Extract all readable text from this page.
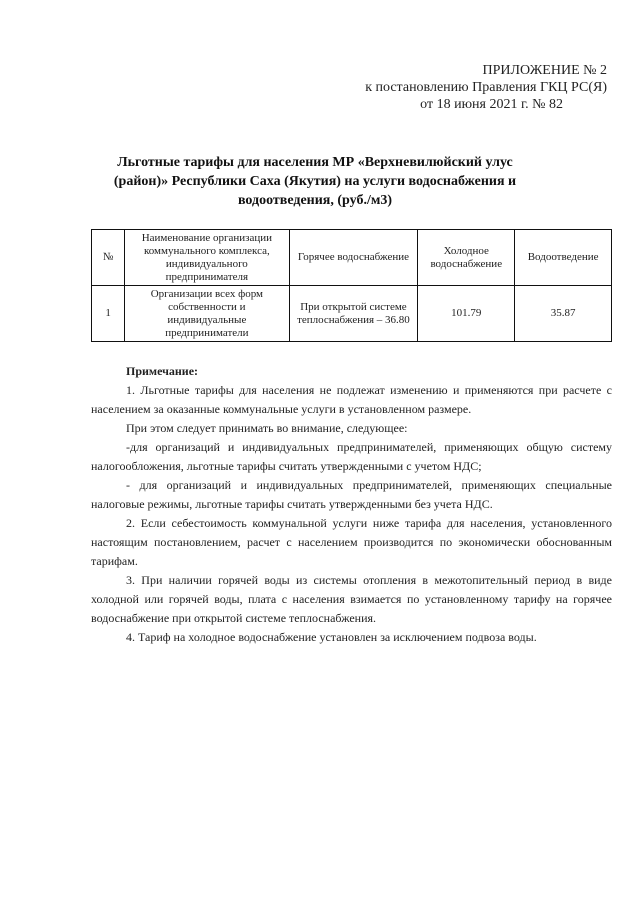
ПРИЛОЖЕНИЕ № 2
к постановлению Правления ГКЦ РС(Я)
от 18 июня 2021 г. № 82
Льготные тарифы для населения МР «Верхневилюйский улус
(район)» Республики Саха (Якутия) на услуги водоснабжения и
водоотведения, (руб./м3)
№	Наименование организации коммунального комплекса, индивидуального предпринимателя	Горячее водоснабжение	Холодное водоснабжение	Водоотведение
1	Организации всех форм собственности и индивидуальные предприниматели	При открытой системе теплоснабжения – 36.80	101.79	35.87
Примечание:

1. Льготные тарифы для населения не подлежат изменению и применяются при расчете с населением за оказанные коммунальные услуги в установленном размере.

При этом следует принимать во внимание, следующее:

-для организаций и индивидуальных предпринимателей, применяющих общую систему налогообложения, льготные тарифы считать утвержденными с учетом НДС;

- для организаций и индивидуальных предпринимателей, применяющих специальные налоговые режимы, льготные тарифы считать утвержденными без учета НДС.

2. Если себестоимость коммунальной услуги ниже тарифа для населения, установленного настоящим постановлением, расчет с населением производится по экономически обоснованным тарифам.

3. При наличии горячей воды из системы отопления в межотопительный период в виде холодной или горячей воды, плата с населения взимается по установленному тарифу на горячее водоснабжение при открытой системе теплоснабжения.

4. Тариф на холодное водоснабжение установлен за исключением подвоза воды.
